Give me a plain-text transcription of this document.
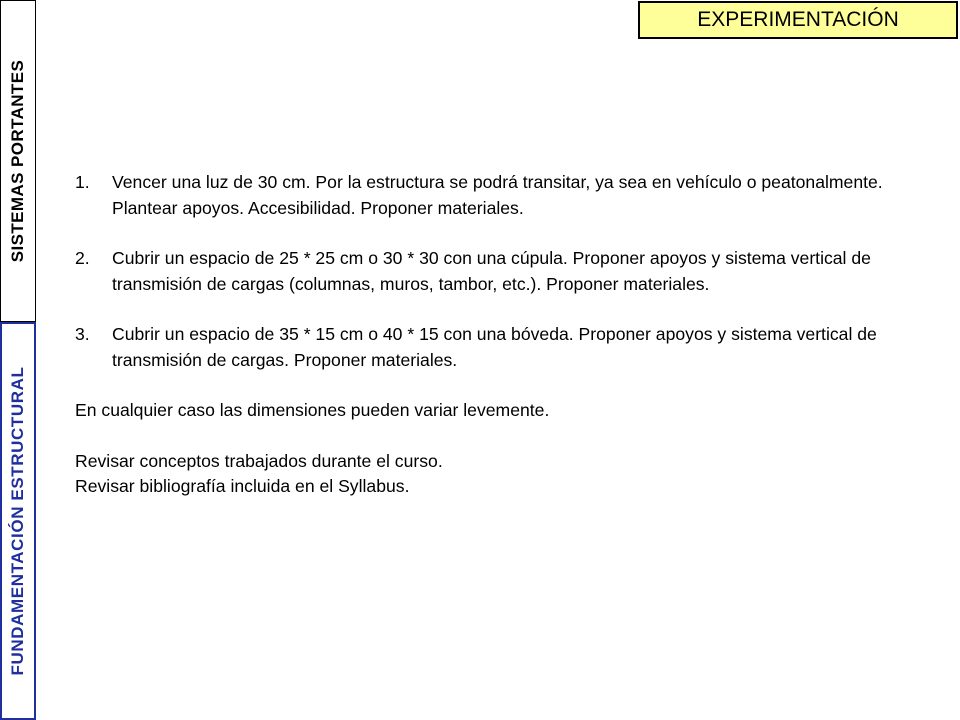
SISTEMAS PORTANTES
FUNDAMENTACIÓN ESTRUCTURAL
EXPERIMENTACIÓN
1. Vencer una luz de 30 cm. Por la estructura se podrá transitar, ya sea en vehículo o peatonalmente. Plantear apoyos. Accesibilidad. Proponer materiales.
2. Cubrir un espacio de 25 * 25 cm o 30 * 30 con una cúpula. Proponer apoyos y sistema vertical de transmisión de cargas (columnas, muros, tambor, etc.). Proponer materiales.
3. Cubrir un espacio de 35 * 15 cm o 40 * 15 con una bóveda. Proponer apoyos y sistema vertical de transmisión de cargas. Proponer materiales.

En cualquier caso las dimensiones pueden variar levemente.

Revisar conceptos trabajados durante el curso.

Revisar bibliografía incluida en el Syllabus.
